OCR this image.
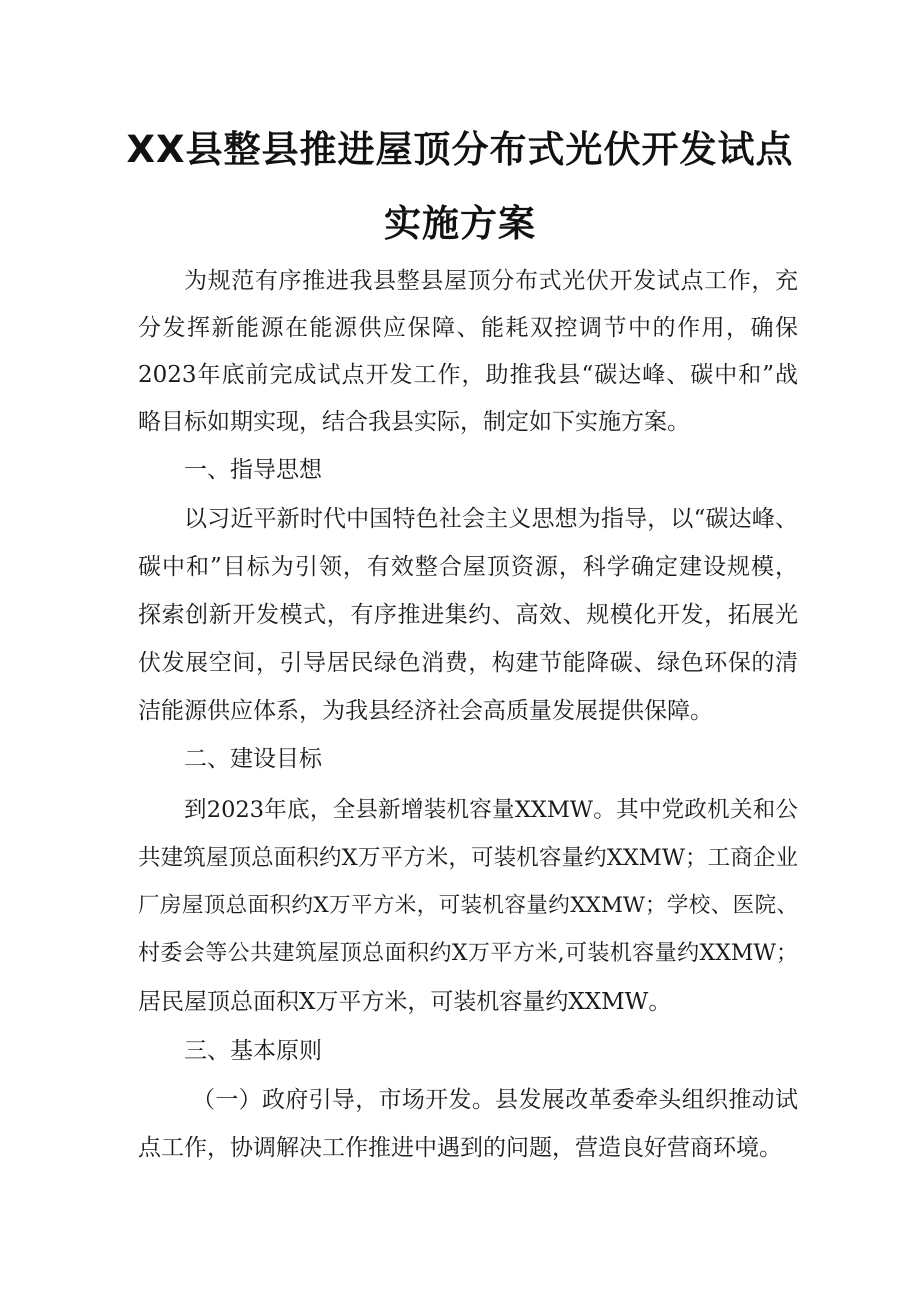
XX县整县推进屋顶分布式光伏开发试点
实施方案

为规范有序推进我县整县屋顶分布式光伏开发试点工作，充

分发挥新能源在能源供应保障、能耗双控调节中的作用，确保

2023年底前完成试点开发工作，助推我县“碳达峰、碳中和”战

略目标如期实现，结合我县实际，制定如下实施方案。

一、指导思想

以习近平新时代中国特色社会主义思想为指导，以“碳达峰、

碳中和”目标为引领，有效整合屋顶资源，科学确定建设规模，

探索创新开发模式，有序推进集约、高效、规模化开发，拓展光

伏发展空间，引导居民绿色消费，构建节能降碳、绿色环保的清

洁能源供应体系，为我县经济社会高质量发展提供保障。

二、建设目标

到2023年底，全县新增装机容量XXMW。其中党政机关和公

共建筑屋顶总面积约X万平方米，可装机容量约XXMW；工商企业

厂房屋顶总面积约X万平方米，可装机容量约XXMW；学校、医院、

村委会等公共建筑屋顶总面积约X万平方米,可装机容量约XXMW；

居民屋顶总面积X万平方米，可装机容量约XXMW。

三、基本原则

（一）政府引导，市场开发。县发展改革委牵头组织推动试

点工作，协调解决工作推进中遇到的问题，营造良好营商环境。
